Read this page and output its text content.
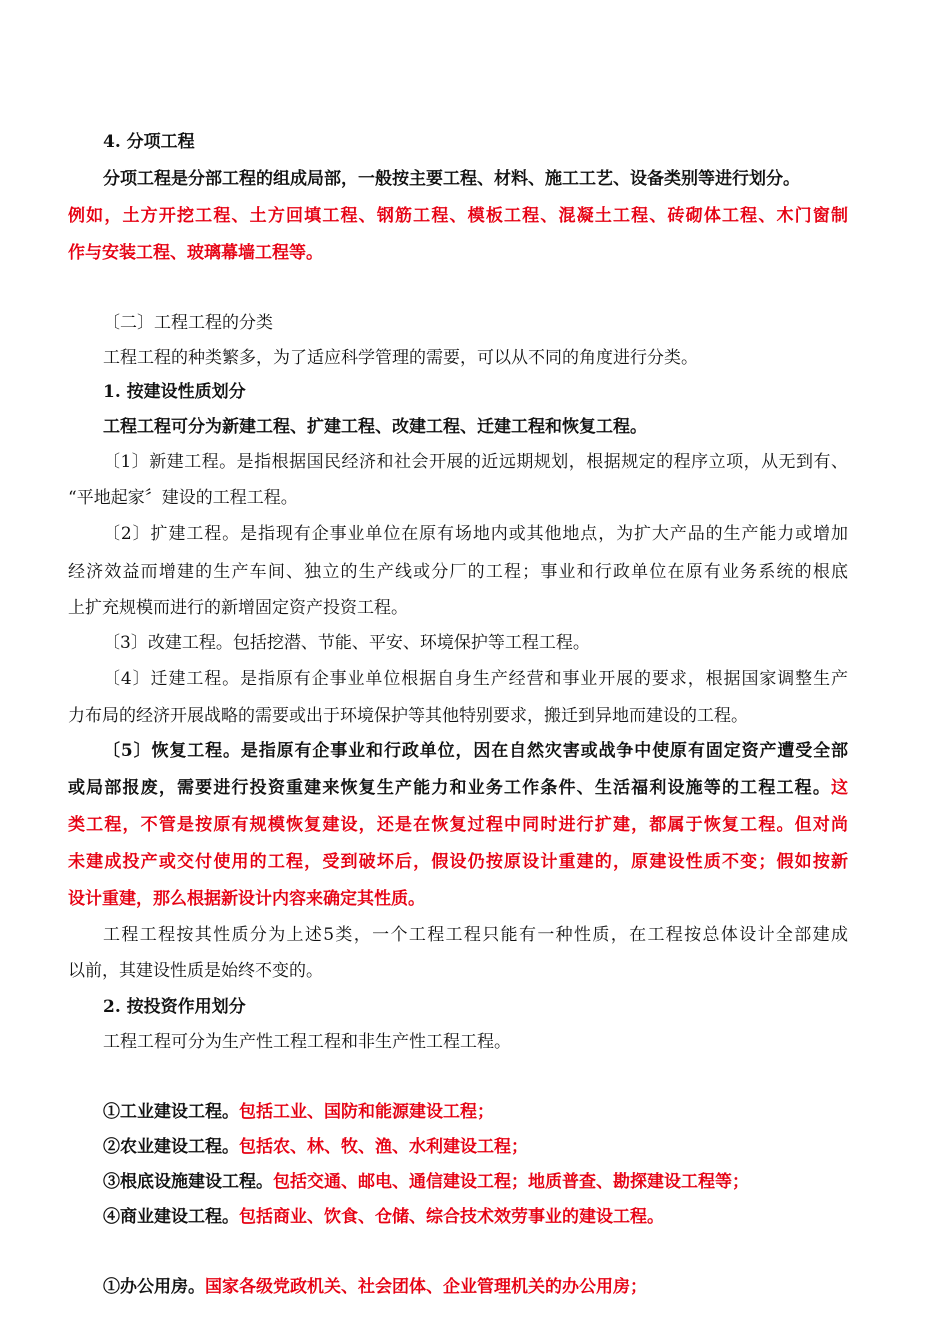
4. 分项工程
分项工程是分部工程的组成局部，一般按主要工程、材料、施工工艺、设备类别等进行划分。
例如，土方开挖工程、土方回填工程、钢筋工程、模板工程、混凝土工程、砖砌体工程、木门窗制
作与安装工程、玻璃幕墙工程等。
〔二〕工程工程的分类
工程工程的种类繁多，为了适应科学管理的需要，可以从不同的角度进行分类。
1. 按建设性质划分
工程工程可分为新建工程、扩建工程、改建工程、迁建工程和恢复工程。
〔1〕新建工程。是指根据国民经济和社会开展的近远期规划，根据规定的程序立项，从无到有、
“平地起家〞建设的工程工程。
〔2〕扩建工程。是指现有企事业单位在原有场地内或其他地点，为扩大产品的生产能力或增加
经济效益而增建的生产车间、独立的生产线或分厂的工程；事业和行政单位在原有业务系统的根底
上扩充规模而进行的新增固定资产投资工程。
〔3〕改建工程。包括挖潜、节能、平安、环境保护等工程工程。
〔4〕迁建工程。是指原有企事业单位根据自身生产经营和事业开展的要求，根据国家调整生产
力布局的经济开展战略的需要或出于环境保护等其他特别要求，搬迁到异地而建设的工程。
〔5〕恢复工程。是指原有企事业和行政单位，因在自然灾害或战争中使原有固定资产遭受全部
或局部报废，需要进行投资重建来恢复生产能力和业务工作条件、生活福利设施等的工程工程。这
类工程，不管是按原有规模恢复建设，还是在恢复过程中同时进行扩建，都属于恢复工程。但对尚
未建成投产或交付使用的工程，受到破坏后，假设仍按原设计重建的，原建设性质不变；假如按新
设计重建，那么根据新设计内容来确定其性质。
工程工程按其性质分为上述5类，一个工程工程只能有一种性质，在工程按总体设计全部建成
以前，其建设性质是始终不变的。
2. 按投资作用划分
工程工程可分为生产性工程工程和非生产性工程工程。
①工业建设工程。包括工业、国防和能源建设工程；
②农业建设工程。包括农、林、牧、渔、水利建设工程；
③根底设施建设工程。包括交通、邮电、通信建设工程；地质普查、勘探建设工程等；
④商业建设工程。包括商业、饮食、仓储、综合技术效劳事业的建设工程。
①办公用房。国家各级党政机关、社会团体、企业管理机关的办公用房；
